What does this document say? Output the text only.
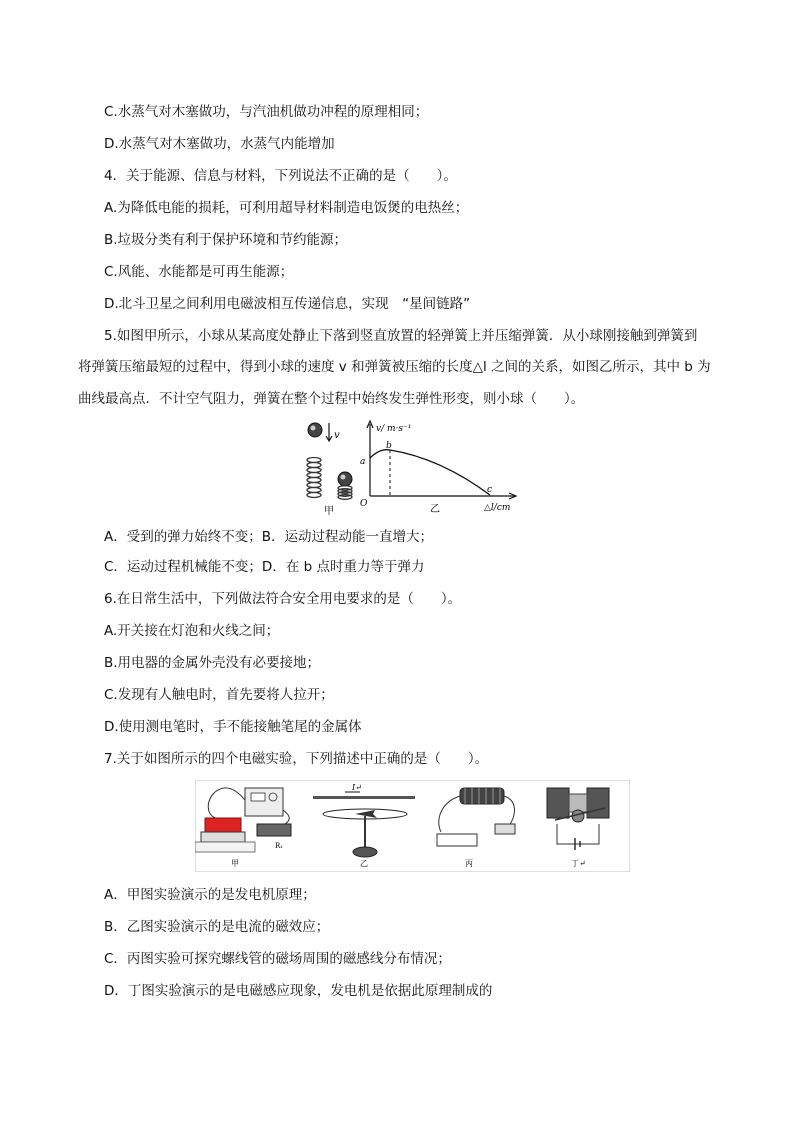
C.水蒸气对木塞做功，与汽油机做功冲程的原理相同；
D.水蒸气对木塞做功，水蒸气内能增加
4．关于能源、信息与材料，下列说法不正确的是（　　）。
A.为降低电能的损耗，可利用超导材料制造电饭煲的电热丝；
B.垃圾分类有利于保护环境和节约能源；
C.风能、水能都是可再生能源；
D.北斗卫星之间利用电磁波相互传递信息，实现　“星间链路”
5.如图甲所示，小球从某高度处静止下落到竖直放置的轻弹簧上并压缩弹簧．从小球刚接触到弹簧到
将弹簧压缩最短的过程中，得到小球的速度 v 和弹簧被压缩的长度△l 之间的关系，如图乙所示，其中 b 为
曲线最高点．不计空气阻力，弹簧在整个过程中始终发生弹性形变，则小球（　　）。
v
甲
v/ m·s⁻¹
△l/cm
O
a
b
c
乙
A．受到的弹力始终不变；B．运动过程动能一直增大；
C．运动过程机械能不变；D．在 b 点时重力等于弹力
6.在日常生活中，下列做法符合安全用电要求的是（　　）。
A.开关接在灯泡和火线之间；
B.用电器的金属外壳没有必要接地；
C.发现有人触电时，首先要将人拉开；
D.使用测电笔时，手不能接触笔尾的金属体
7.关于如图所示的四个电磁实验，下列描述中正确的是（　　）。
R₁
甲
I↵
乙	丙	丁↵
A．甲图实验演示的是发电机原理；
B．乙图实验演示的是电流的磁效应；
C．丙图实验可探究螺线管的磁场周围的磁感线分布情况；
D．丁图实验演示的是电磁感应现象，发电机是依据此原理制成的
